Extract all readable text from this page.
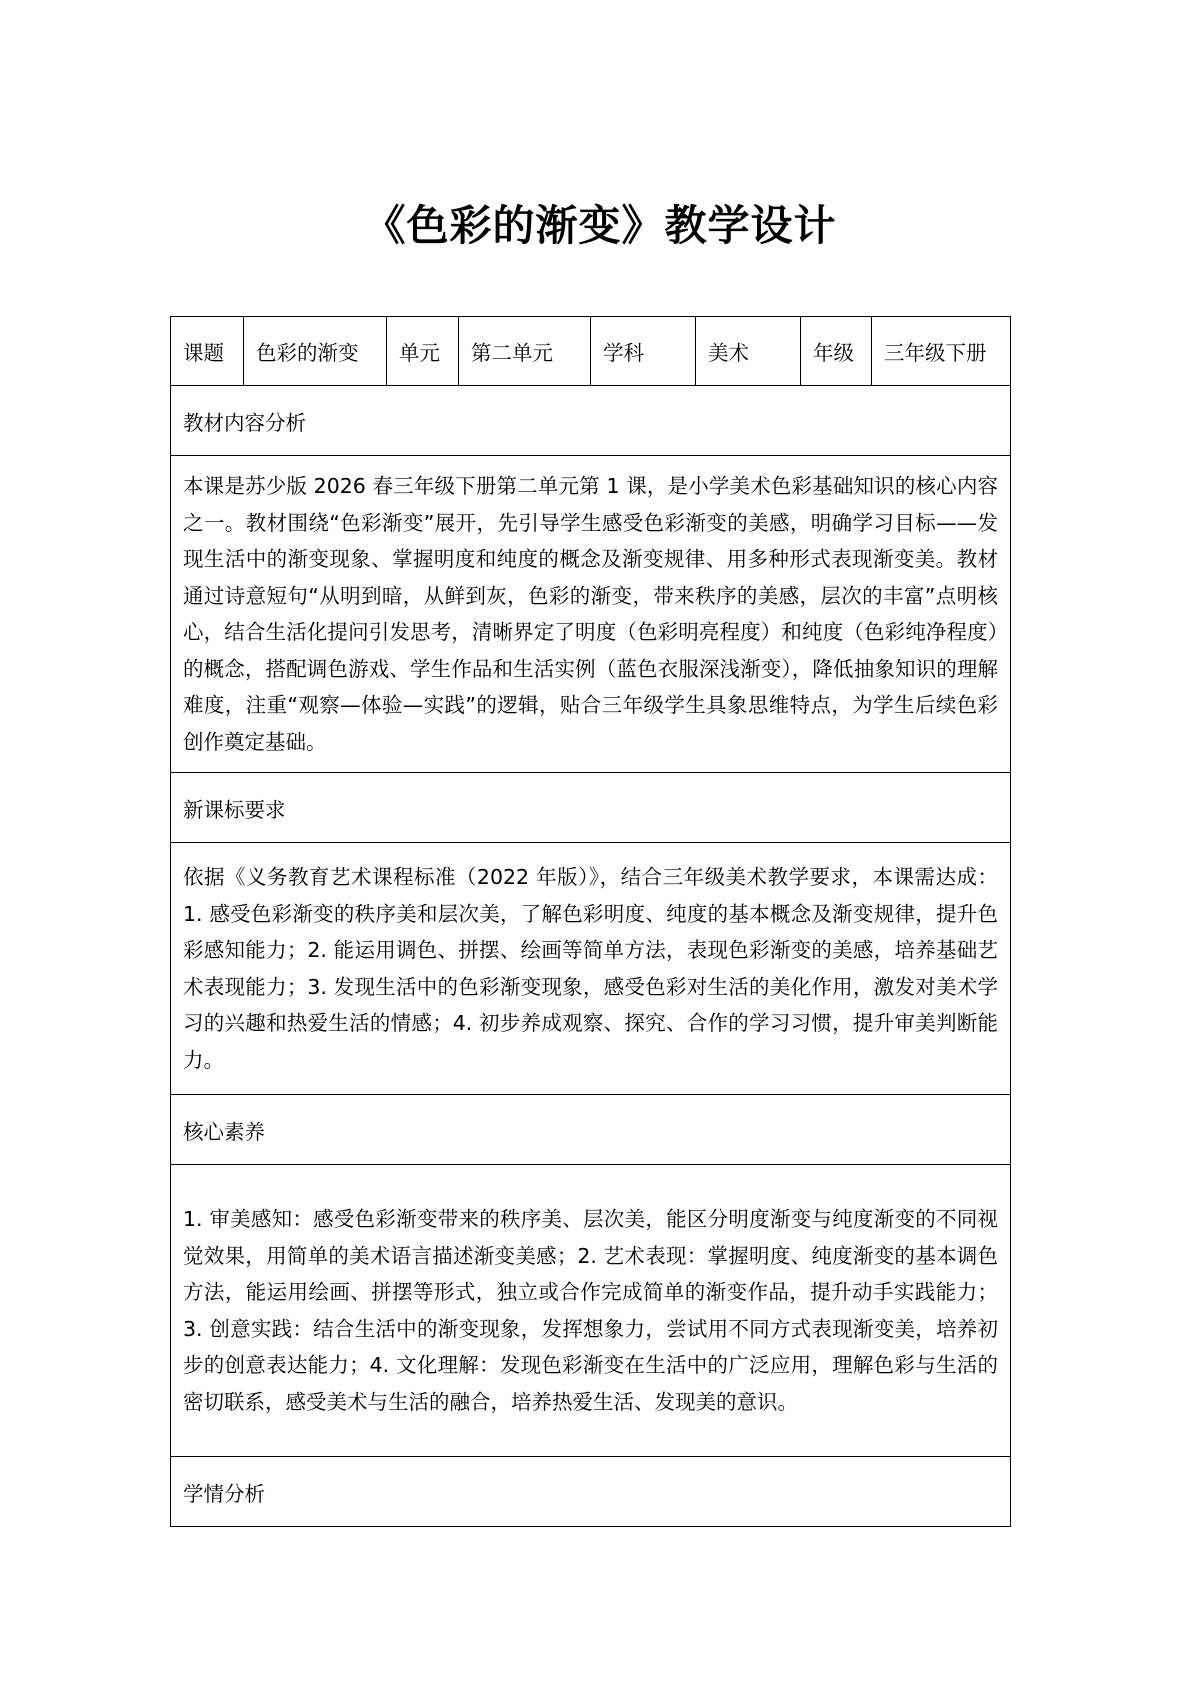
《色彩的渐变》教学设计
课题	色彩的渐变	单元	第二单元	学科	美术	年级	三年级下册
教材内容分析
本课是苏少版 2026 春三年级下册第二单元第 1 课，是小学美术色彩基础知识的核心内容之一。教材围绕“色彩渐变”展开，先引导学生感受色彩渐变的美感，明确学习目标——发现生活中的渐变现象、掌握明度和纯度的概念及渐变规律、用多种形式表现渐变美。教材通过诗意短句“从明到暗，从鲜到灰，色彩的渐变，带来秩序的美感，层次的丰富”点明核心，结合生活化提问引发思考，清晰界定了明度（色彩明亮程度）和纯度（色彩纯净程度）的概念，搭配调色游戏、学生作品和生活实例（蓝色衣服深浅渐变），降低抽象知识的理解难度，注重“观察—体验—实践”的逻辑，贴合三年级学生具象思维特点，为学生后续色彩创作奠定基础。
新课标要求
依据《义务教育艺术课程标准（2022 年版）》，结合三年级美术教学要求，本课需达成：1. 感受色彩渐变的秩序美和层次美，了解色彩明度、纯度的基本概念及渐变规律，提升色彩感知能力；2. 能运用调色、拼摆、绘画等简单方法，表现色彩渐变的美感，培养基础艺术表现能力；3. 发现生活中的色彩渐变现象，感受色彩对生活的美化作用，激发对美术学习的兴趣和热爱生活的情感；4. 初步养成观察、探究、合作的学习习惯，提升审美判断能力。
核心素养
1. 审美感知：感受色彩渐变带来的秩序美、层次美，能区分明度渐变与纯度渐变的不同视觉效果，用简单的美术语言描述渐变美感；2. 艺术表现：掌握明度、纯度渐变的基本调色方法，能运用绘画、拼摆等形式，独立或合作完成简单的渐变作品，提升动手实践能力；3. 创意实践：结合生活中的渐变现象，发挥想象力，尝试用不同方式表现渐变美，培养初步的创意表达能力；4. 文化理解：发现色彩渐变在生活中的广泛应用，理解色彩与生活的密切联系，感受美术与生活的融合，培养热爱生活、发现美的意识。
学情分析
